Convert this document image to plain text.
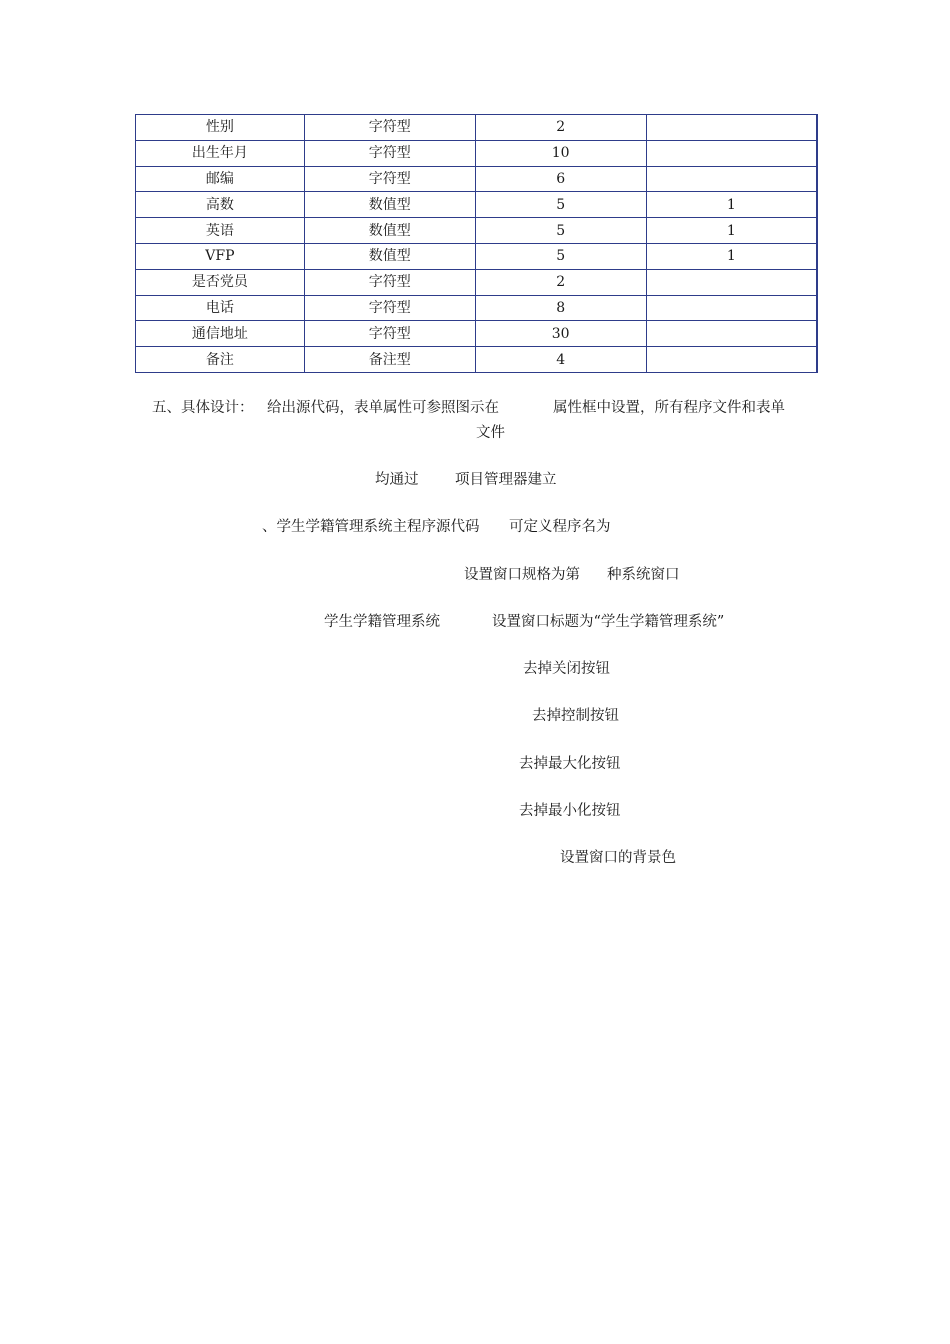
性别	字符型	2	
出生年月	字符型	10	
邮编	字符型	6	
高数	数值型	5	1
英语	数值型	5	1
VFP	数值型	5	1
是否党员	字符型	2	
电话	字符型	8	
通信地址	字符型	30	
备注	备注型	4	
五、具体设计： 给出源代码，表单属性可参照图示在	属性框中设置，所有程序文件和表单
文件
均通过	项目管理器建立
、学生学籍管理系统主程序源代码 可定义程序名为
设置窗口规格为第 种系统窗口
学生学籍管理系统	设置窗口标题为“学生学籍管理系统”
去掉关闭按钮
去掉控制按钮
去掉最大化按钮
去掉最小化按钮
设置窗口的背景色
